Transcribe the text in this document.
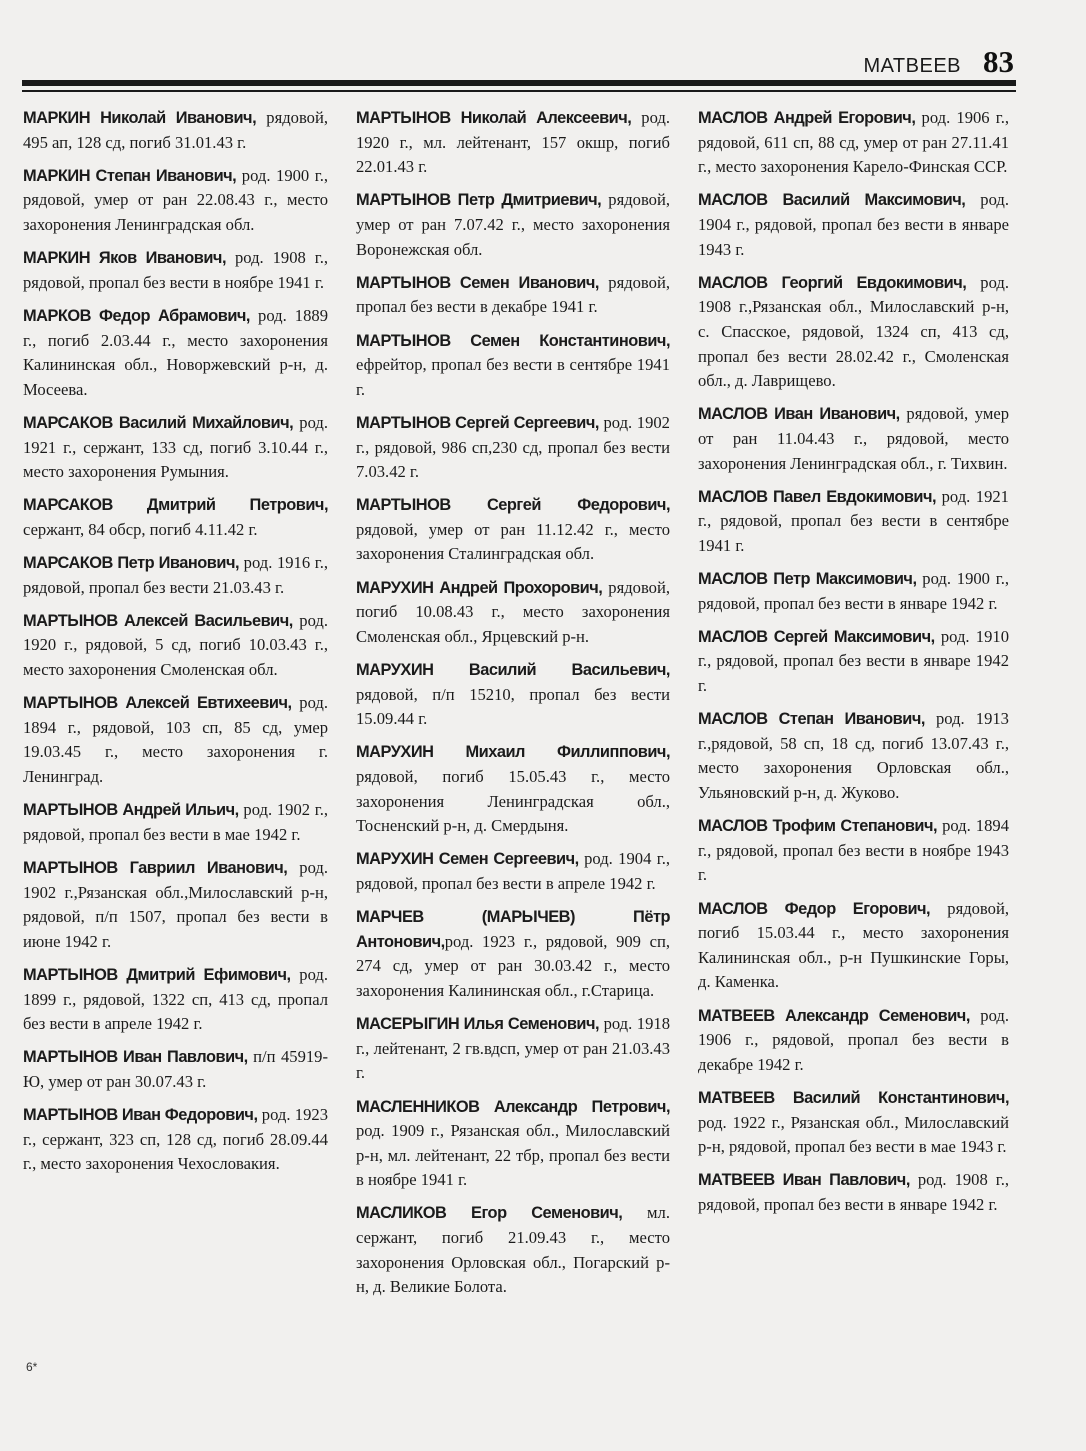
МАТВЕЕВ 83

МАРКИН Николай Иванович, рядовой, 495 ап, 128 сд, погиб 31.01.43 г.

МАРКИН Степан Иванович, род. 1900 г., рядовой, умер от ран 22.08.43 г., место захоронения Ленинградская обл.

МАРКИН Яков Иванович, род. 1908 г., рядовой, пропал без вести в ноябре 1941 г.

МАРКОВ Федор Абрамович, род. 1889 г., погиб 2.03.44 г., место захоронения Калининская обл., Новоржевский р-н, д. Мосеева.

МАРСАКОВ Василий Михайлович, род. 1921 г., сержант, 133 сд, погиб 3.10.44 г., место захоронения Румыния.

МАРСАКОВ Дмитрий Петрович, сержант, 84 обср, погиб 4.11.42 г.

МАРСАКОВ Петр Иванович, род. 1916 г., рядовой, пропал без вести 21.03.43 г.

МАРТЫНОВ Алексей Васильевич, род. 1920 г., рядовой, 5 сд, погиб 10.03.43 г., место захоронения Смоленская обл.

МАРТЫНОВ Алексей Евтихеевич, род. 1894 г., рядовой, 103 сп, 85 сд, умер 19.03.45 г., место захоронения г. Ленинград.

МАРТЫНОВ Андрей Ильич, род. 1902 г., рядовой, пропал без вести в мае 1942 г.

МАРТЫНОВ Гавриил Иванович, род. 1902 г.,Рязанская обл.,Милославский р-н, рядовой, п/п 1507, пропал без вести в июне 1942 г.

МАРТЫНОВ Дмитрий Ефимович, род. 1899 г., рядовой, 1322 сп, 413 сд, пропал без вести в апреле 1942 г.

МАРТЫНОВ Иван Павлович, п/п 45919-Ю, умер от ран 30.07.43 г.

МАРТЫНОВ Иван Федорович, род. 1923 г., сержант, 323 сп, 128 сд, погиб 28.09.44 г., место захоронения Чехословакия.

МАРТЫНОВ Николай Алексеевич, род. 1920 г., мл. лейтенант, 157 окшр, погиб 22.01.43 г.

МАРТЫНОВ Петр Дмитриевич, рядовой, умер от ран 7.07.42 г., место захоронения Воронежская обл.

МАРТЫНОВ Семен Иванович, рядовой, пропал без вести в декабре 1941 г.

МАРТЫНОВ Семен Константинович, ефрейтор, пропал без вести в сентябре 1941 г.

МАРТЫНОВ Сергей Сергеевич, род. 1902 г., рядовой, 986 сп,230 сд, пропал без вести 7.03.42 г.

МАРТЫНОВ Сергей Федорович, рядовой, умер от ран 11.12.42 г., место захоронения Сталинградская обл.

МАРУХИН Андрей Прохорович, рядовой, погиб 10.08.43 г., место захоронения Смоленская обл., Ярцевский р-н.

МАРУХИН Василий Васильевич, рядовой, п/п 15210, пропал без вести 15.09.44 г.

МАРУХИН Михаил Филлиппович, рядовой, погиб 15.05.43 г., место захоронения Ленинградская обл., Тосненский р-н, д. Смердыня.

МАРУХИН Семен Сергеевич, род. 1904 г., рядовой, пропал без вести в апреле 1942 г.

МАРЧЕВ (МАРЫЧЕВ) Пётр Антонович,род. 1923 г., рядовой, 909 сп, 274 сд, умер от ран 30.03.42 г., место захоронения Калининская обл., г.Старица.

МАСЕРЫГИН Илья Семенович, род. 1918 г., лейтенант, 2 гв.вдсп, умер от ран 21.03.43 г.

МАСЛЕННИКОВ Александр Петрович, род. 1909 г., Рязанская обл., Милославский р-н, мл. лейтенант, 22 тбр, пропал без вести в ноябре 1941 г.

МАСЛИКОВ Егор Семенович, мл. сержант, погиб 21.09.43 г., место захоронения Орловская обл., Погарский р-н, д. Великие Болота.

МАСЛОВ Андрей Егорович, род. 1906 г., рядовой, 611 сп, 88 сд, умер от ран 27.11.41 г., место захоронения Карело-Финская ССР.

МАСЛОВ Василий Максимович, род. 1904 г., рядовой, пропал без вести в январе 1943 г.

МАСЛОВ Георгий Евдокимович, род. 1908 г.,Рязанская обл., Милославский р-н, с. Спасское, рядовой, 1324 сп, 413 сд, пропал без вести 28.02.42 г., Смоленская обл., д. Лаврищево.

МАСЛОВ Иван Иванович, рядовой, умер от ран 11.04.43 г., рядовой, место захоронения Ленинградская обл., г. Тихвин.

МАСЛОВ Павел Евдокимович, род. 1921 г., рядовой, пропал без вести в сентябре 1941 г.

МАСЛОВ Петр Максимович, род. 1900 г., рядовой, пропал без вести в январе 1942 г.

МАСЛОВ Сергей Максимович, род. 1910 г., рядовой, пропал без вести в январе 1942 г.

МАСЛОВ Степан Иванович, род. 1913 г.,рядовой, 58 сп, 18 сд, погиб 13.07.43 г., место захоронения Орловская обл., Ульяновский р-н, д. Жуково.

МАСЛОВ Трофим Степанович, род. 1894 г., рядовой, пропал без вести в ноябре 1943 г.

МАСЛОВ Федор Егорович, рядовой, погиб 15.03.44 г., место захоронения Калининская обл., р-н Пушкинские Горы, д. Каменка.

МАТВЕЕВ Александр Семенович, род. 1906 г., рядовой, пропал без вести в декабре 1942 г.

МАТВЕЕВ Василий Константинович, род. 1922 г., Рязанская обл., Милославский р-н, рядовой, пропал без вести в мае 1943 г.

МАТВЕЕВ Иван Павлович, род. 1908 г., рядовой, пропал без вести в январе 1942 г.

6*
